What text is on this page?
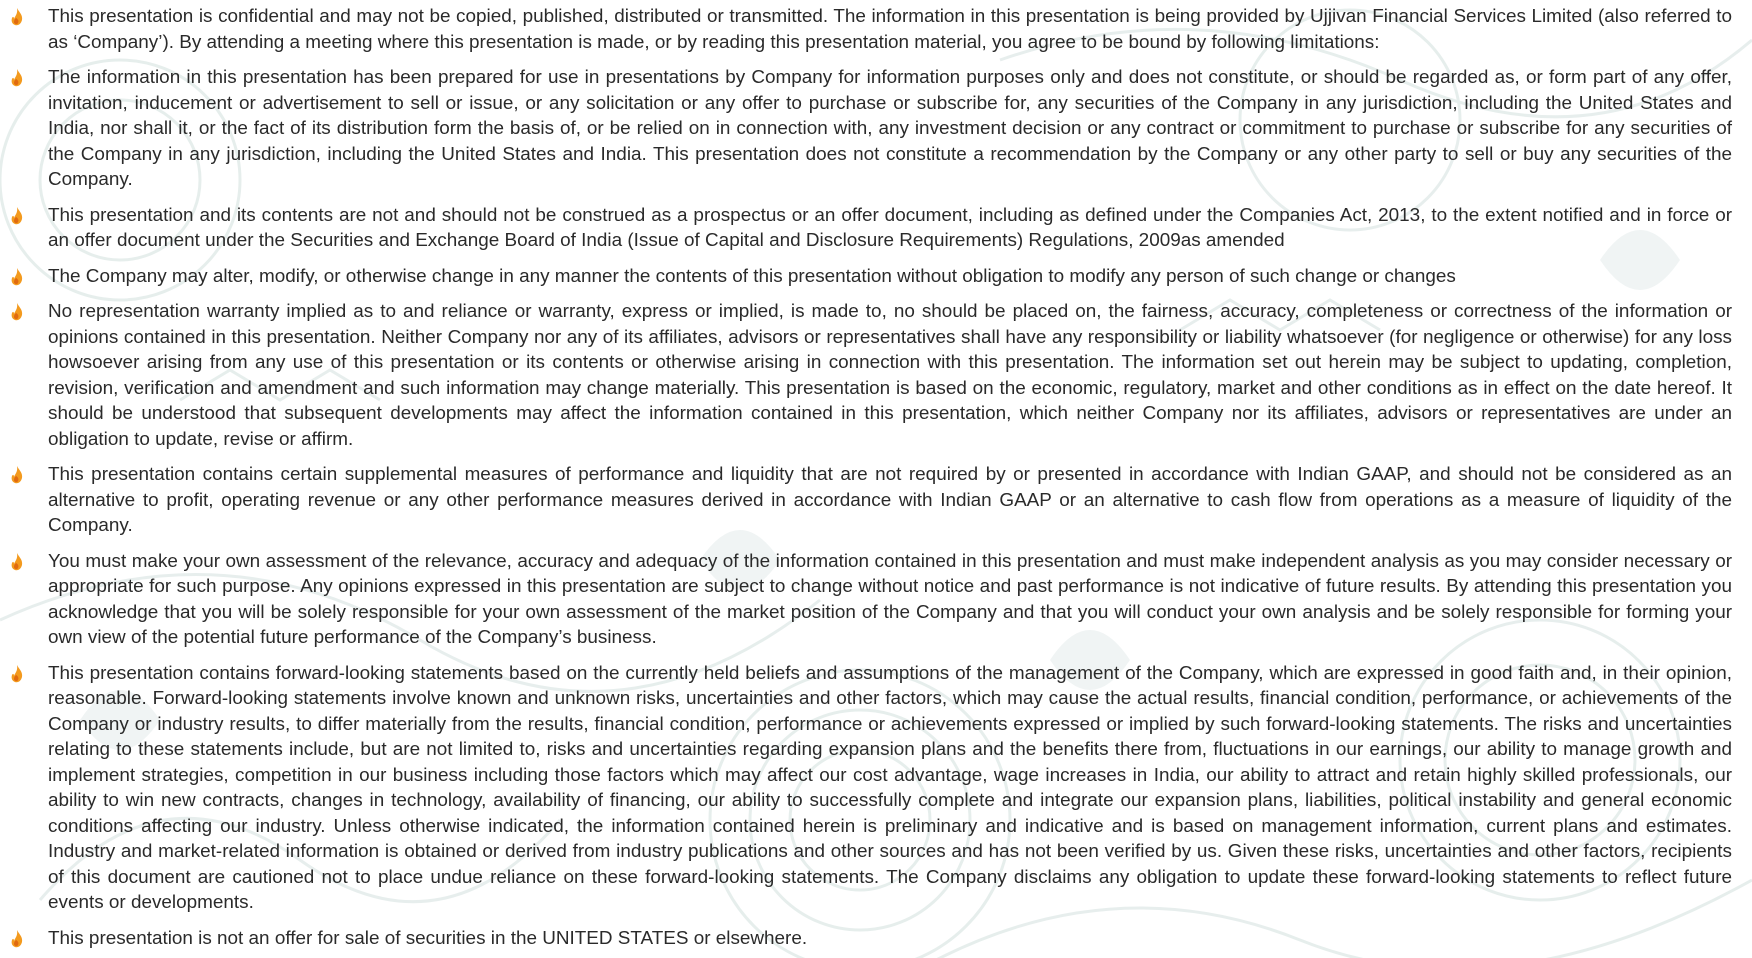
This presentation is confidential and may not be copied, published, distributed or transmitted. The information in this presentation is being provided by Ujjivan Financial Services Limited (also referred to as ‘Company’). By attending a meeting where this presentation is made, or by reading this presentation material, you agree to be bound by following limitations:
The information in this presentation has been prepared for use in presentations by Company for information purposes only and does not constitute, or should be regarded as, or form part of any offer, invitation, inducement or advertisement to sell or issue, or any solicitation or any offer to purchase or subscribe for, any securities of the Company in any jurisdiction, including the United States and India, nor shall it, or the fact of its distribution form the basis of, or be relied on in connection with, any investment decision or any contract or commitment to purchase or subscribe for any securities of the Company in any jurisdiction, including the United States and India. This presentation does not constitute a recommendation by the Company or any other party to sell or buy any securities of the Company.
This presentation and its contents are not and should not be construed as a prospectus or an offer document, including as defined under the Companies Act, 2013, to the extent notified and in force or an offer document under the Securities and Exchange Board of India (Issue of Capital and Disclosure Requirements) Regulations, 2009as amended
The Company may alter, modify, or otherwise change in any manner the contents of this presentation without obligation to modify any person of such change or changes
No representation warranty implied as to and reliance or warranty, express or implied, is made to, no should be placed on, the fairness, accuracy, completeness or correctness of the information or opinions contained in this presentation. Neither Company nor any of its affiliates, advisors or representatives shall have any responsibility or liability whatsoever (for negligence or otherwise) for any loss howsoever arising from any use of this presentation or its contents or otherwise arising in connection with this presentation. The information set out herein may be subject to updating, completion, revision, verification and amendment and such information may change materially. This presentation is based on the economic, regulatory, market and other conditions as in effect on the date hereof. It should be understood that subsequent developments may affect the information contained in this presentation, which neither Company nor its affiliates, advisors or representatives are under an obligation to update, revise or affirm.
This presentation contains certain supplemental measures of performance and liquidity that are not required by or presented in accordance with Indian GAAP, and should not be considered as an alternative to profit, operating revenue or any other performance measures derived in accordance with Indian GAAP or an alternative to cash flow from operations as a measure of liquidity of the Company.
You must make your own assessment of the relevance, accuracy and adequacy of the information contained in this presentation and must make independent analysis as you may consider necessary or appropriate for such purpose. Any opinions expressed in this presentation are subject to change without notice and past performance is not indicative of future results. By attending this presentation you acknowledge that you will be solely responsible for your own assessment of the market position of the Company and that you will conduct your own analysis and be solely responsible for forming your own view of the potential future performance of the Company’s business.
This presentation contains forward-looking statements based on the currently held beliefs and assumptions of the management of the Company, which are expressed in good faith and, in their opinion, reasonable. Forward-looking statements involve known and unknown risks, uncertainties and other factors, which may cause the actual results, financial condition, performance, or achievements of the Company or industry results, to differ materially from the results, financial condition, performance or achievements expressed or implied by such forward-looking statements. The risks and uncertainties relating to these statements include, but are not limited to, risks and uncertainties regarding expansion plans and the benefits there from, fluctuations in our earnings, our ability to manage growth and implement strategies, competition in our business including those factors which may affect our cost advantage, wage increases in India, our ability to attract and retain highly skilled professionals, our ability to win new contracts, changes in technology, availability of financing, our ability to successfully complete and integrate our expansion plans, liabilities, political instability and general economic conditions affecting our industry. Unless otherwise indicated, the information contained herein is preliminary and indicative and is based on management information, current plans and estimates. Industry and market-related information is obtained or derived from industry publications and other sources and has not been verified by us. Given these risks, uncertainties and other factors, recipients of this document are cautioned not to place undue reliance on these forward-looking statements. The Company disclaims any obligation to update these forward-looking statements to reflect future events or developments.
This presentation is not an offer for sale of securities in the UNITED STATES or elsewhere.
